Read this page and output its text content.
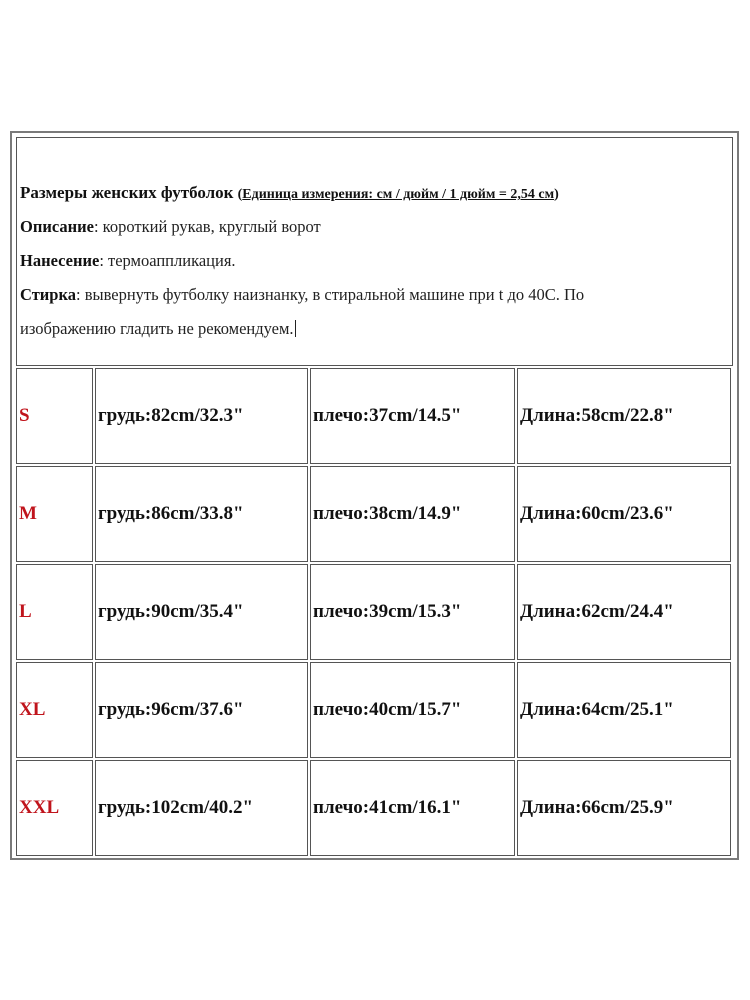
Размеры женских футболок (Единица измерения: см / дюйм / 1 дюйм = 2,54 см)
Описание: короткий рукав, круглый ворот
Нанесение: термоаппликация.
Стирка: вывернуть футболку наизнанку, в стиральной машине при t до 40С. По
изображению гладить не рекомендуем.
S	грудь:82cm/32.3"	плечо:37cm/14.5"	Длина:58cm/22.8"
M	грудь:86cm/33.8"	плечо:38cm/14.9"	Длина:60cm/23.6"
L	грудь:90cm/35.4"	плечо:39cm/15.3"	Длина:62cm/24.4"
XL	грудь:96cm/37.6"	плечо:40cm/15.7"	Длина:64cm/25.1"
XXL	грудь:102cm/40.2"	плечо:41cm/16.1"	Длина:66cm/25.9"
